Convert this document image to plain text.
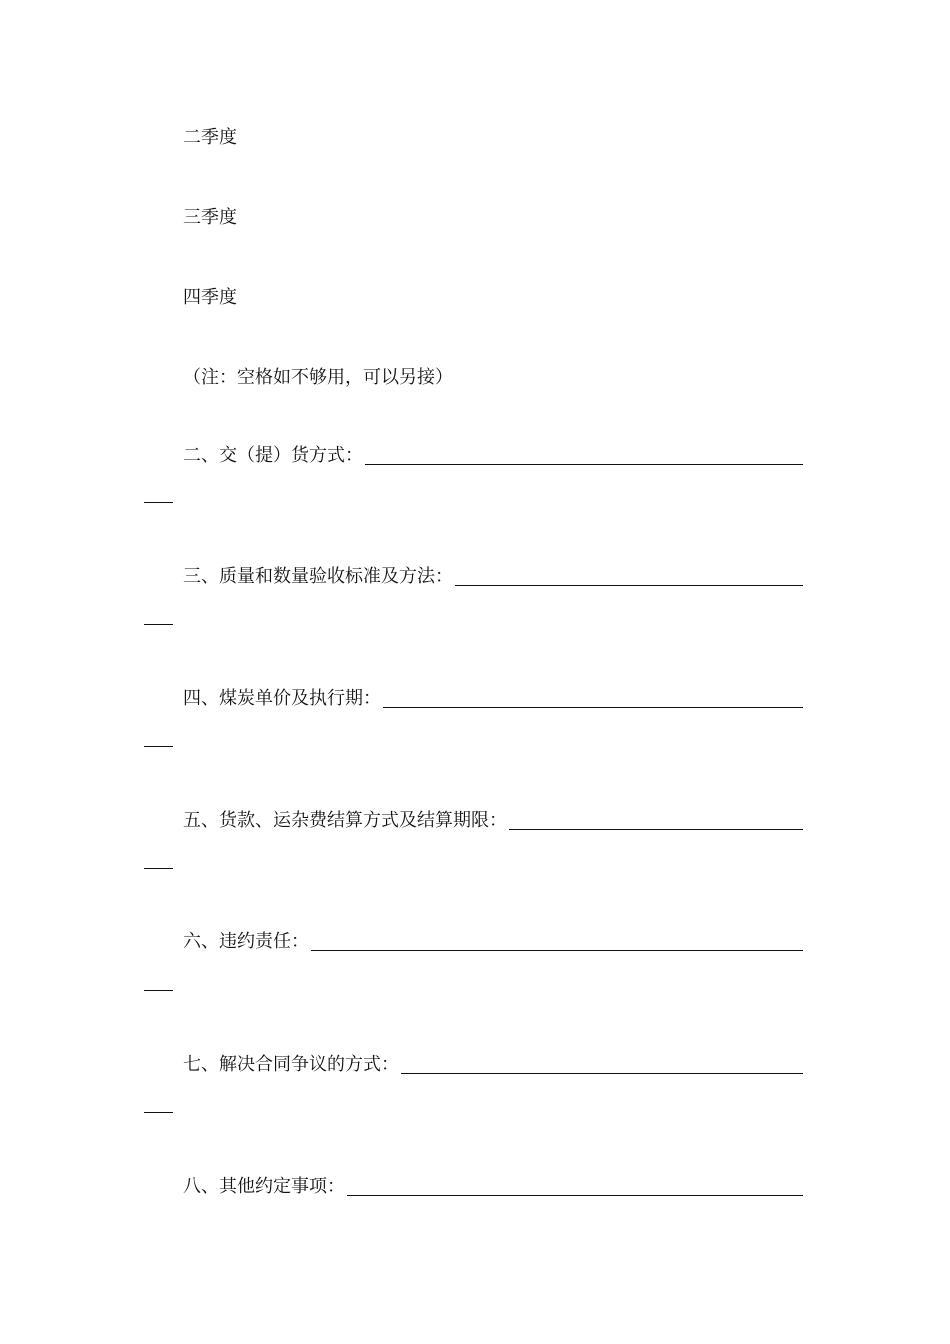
二季度
三季度
四季度
（注：空格如不够用，可以另接）
二、交（提）货方式：
三、质量和数量验收标准及方法：
四、煤炭单价及执行期：
五、货款、运杂费结算方式及结算期限：
六、违约责任：
七、解决合同争议的方式：
八、其他约定事项：
